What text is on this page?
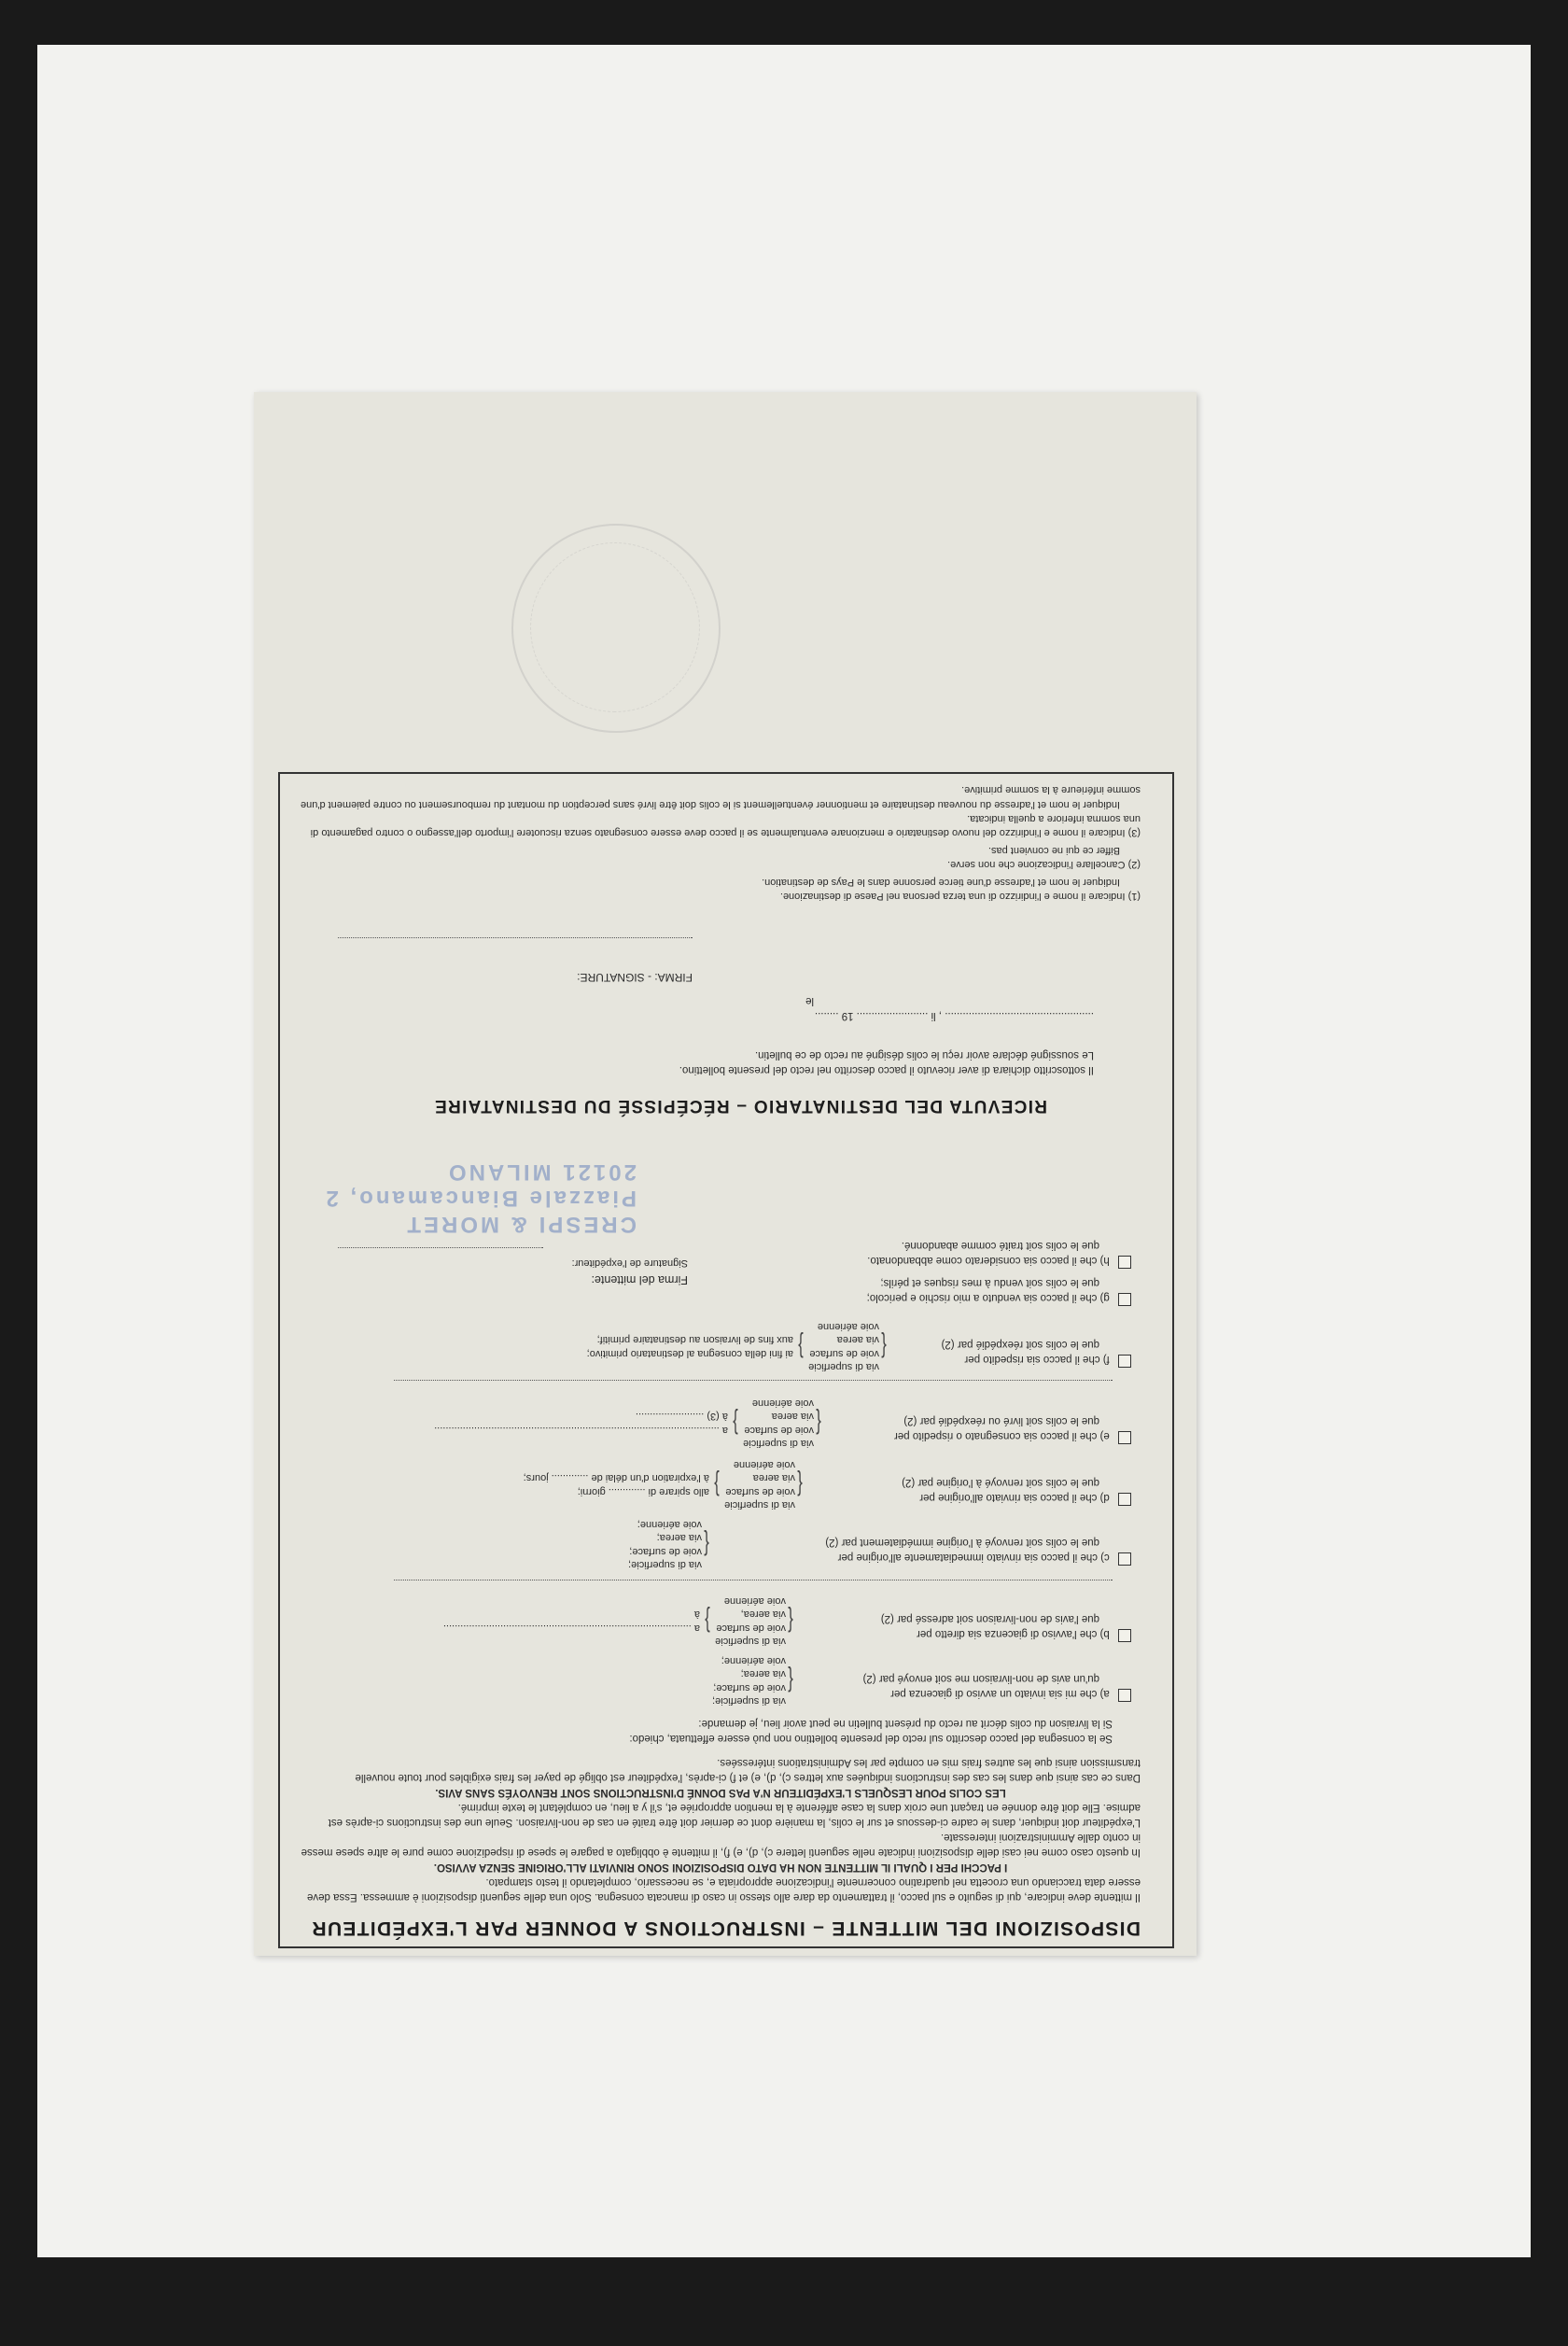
DISPOSIZIONI DEL MITTENTE – INSTRUCTIONS A DONNER PAR L'EXPÉDITEUR
Il mittente deve indicare, qui di seguito e sul pacco, il trattamento da dare allo stesso in caso di mancata consegna. Solo una delle seguenti disposizioni è ammessa. Essa deve essere data tracciando una crocetta nel quadratino concernente l'indicazione appropriata e, se necessario, completando il testo stampato.
I PACCHI PER I QUALI IL MITTENTE NON HA DATO DISPOSIZIONI SONO RINVIATI ALL'ORIGINE SENZA AVVISO.
In questo caso come nei casi delle disposizioni indicate nelle seguenti lettere c), d), e) f), il mittente è obbligato a pagare le spese di rispedizione come pure le altre spese messe in conto dalle Amministrazioni interessate.
L'expéditeur doit indiquer, dans le cadre ci-dessous et sur le colis, la manière dont ce dernier doit être traité en cas de non-livraison. Seule une des instructions ci-après est admise. Elle doit être donnée en traçant une croix dans la case afférente à la mention appropriée et, s'il y a lieu, en complétant le texte imprimé.
LES COLIS POUR LESQUELS L'EXPÉDITEUR N'A PAS DONNÉ D'INSTRUCTIONS SONT RENVOYÉS SANS AVIS.
Dans ce cas ainsi que dans les cas des instructions indiquées aux lettres c), d), e) et f) ci-après, l'expéditeur est obligé de payer les frais exigibles pour toute nouvelle transmission ainsi que les autres frais mis en compte par les Administrations intéressées.
Se la consegna del pacco descritto sul recto del presente bollettino non può essere effettuata, chiedo:
Si la livraison du colis décrit au recto du présent bulletin ne peut avoir lieu, je demande:
a) che mi sia inviato un avviso di giacenza per
qu'un avis de non-livraison me soit envoyé par (2)
{via di superficie;
voie de surface;
via aerea;
voie aérienne;
b) che l'avviso di giacenza sia diretto per
que l'avis de non-livraison soit adressé par (2)
{via di superficie
voie de surface
via aerea,
voie aérienne } a .......................................................................................
à
c) che il pacco sia rinviato immediatamente all'origine per
que le colis soit renvoyé à l'origine immédiatement par (2)
{via di superficie;
voie de surface;
via aerea;
voie aérienne;
d) che il pacco sia rinviato all'origine per
que le colis soit renvoyé à l'origine par (2)
{via di superficie
voie de surface
via aerea
voie aérienne } allo spirare di ............. giorni;
à l'expiration d'un délai de ............. jours;
e) che il pacco sia consegnato o rispedito per
que le colis soit livré ou réexpédié par (2)
{via di superficie
voie de surface
via aerea
voie aérienne } a ....................................................................................................
à (3) ........................
f) che il pacco sia rispedito per
que le colis soit réexpédié par (2)
{via di superficie
voie de surface
via aerea
voie aérienne } ai fini della consegna al destinatario primitivo;
aux fins de livraison au destinataire primitif;
g) che il pacco sia venduto a mio rischio e pericolo;
que le colis soit vendu à mes risques et périls;
h) che il pacco sia considerato come abbandonato.
que le colis soit traité comme abandonné.
Firma del mittente:
Signature de l'expéditeur:
CRESPI & MORET
Piazzale Biancamano, 2
20121 MILANO
RICEVUTA DEL DESTINATARIO – RÉCÉPISSÉ DU DESTINATAIRE
Il sottoscritto dichiara di aver ricevuto il pacco descritto nel recto del presente bollettino.
Le soussigné déclare avoir reçu le colis désigné au recto de ce bulletin.
.................................................. , li ........................ 19 ........
le
FIRMA: - SIGNATURE:
(1) Indicare il nome e l'indirizzo di una terza persona nel Paese di destinazione.
Indiquer le nom et l'adresse d'une tierce personne dans le Pays de destination.
(2) Cancellare l'indicazione che non serve.
Biffer ce qui ne convient pas.
(3) Indicare il nome e l'indirizzo del nuovo destinatario e menzionare eventualmente se il pacco deve essere consegnato senza riscuotere l'importo dell'assegno o contro pagamento di una somma inferiore a quella indicata.
Indiquer le nom et l'adresse du nouveau destinataire et mentionner éventuellement si le colis doit être livré sans perception du montant du remboursement ou contre paiement d'une somme inférieure à la somme primitive.
